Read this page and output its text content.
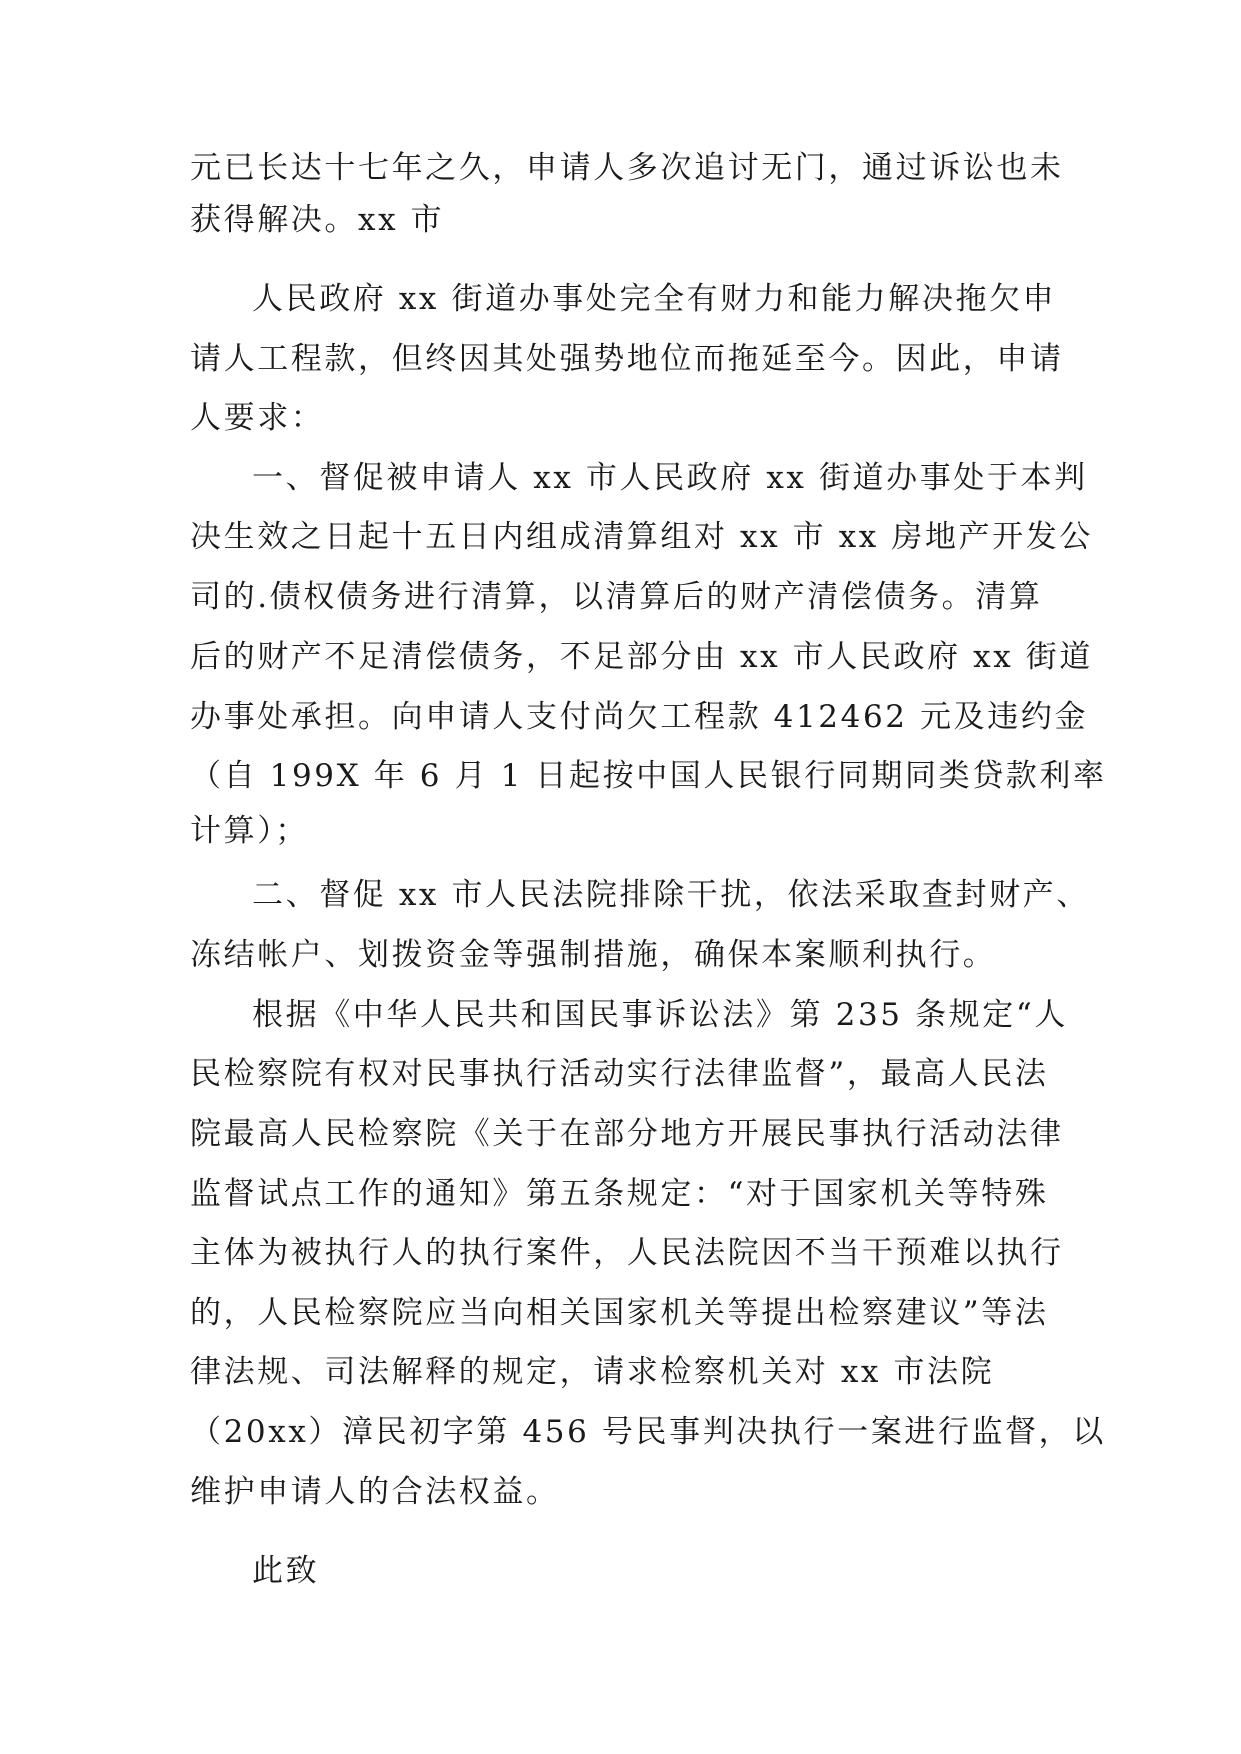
元已长达十七年之久，申请人多次追讨无门，通过诉讼也未
获得解决。xx 市
人民政府 xx 街道办事处完全有财力和能力解决拖欠申
请人工程款，但终因其处强势地位而拖延至今。因此，申请
人要求：
一、督促被申请人 xx 市人民政府 xx 街道办事处于本判
决生效之日起十五日内组成清算组对 xx 市 xx 房地产开发公
司的.债权债务进行清算，以清算后的财产清偿债务。清算
后的财产不足清偿债务，不足部分由 xx 市人民政府 xx 街道
办事处承担。向申请人支付尚欠工程款 412462 元及违约金
（自 199X 年 6 月 1 日起按中国人民银行同期同类贷款利率
计算）；
二、督促 xx 市人民法院排除干扰，依法采取查封财产、
冻结帐户、划拨资金等强制措施，确保本案顺利执行。
根据《中华人民共和国民事诉讼法》第 235 条规定“人
民检察院有权对民事执行活动实行法律监督”，最高人民法
院最高人民检察院《关于在部分地方开展民事执行活动法律
监督试点工作的通知》第五条规定：“对于国家机关等特殊
主体为被执行人的执行案件，人民法院因不当干预难以执行
的，人民检察院应当向相关国家机关等提出检察建议”等法
律法规、司法解释的规定，请求检察机关对 xx 市法院
（20xx）漳民初字第 456 号民事判决执行一案进行监督，以
维护申请人的合法权益。
此致
